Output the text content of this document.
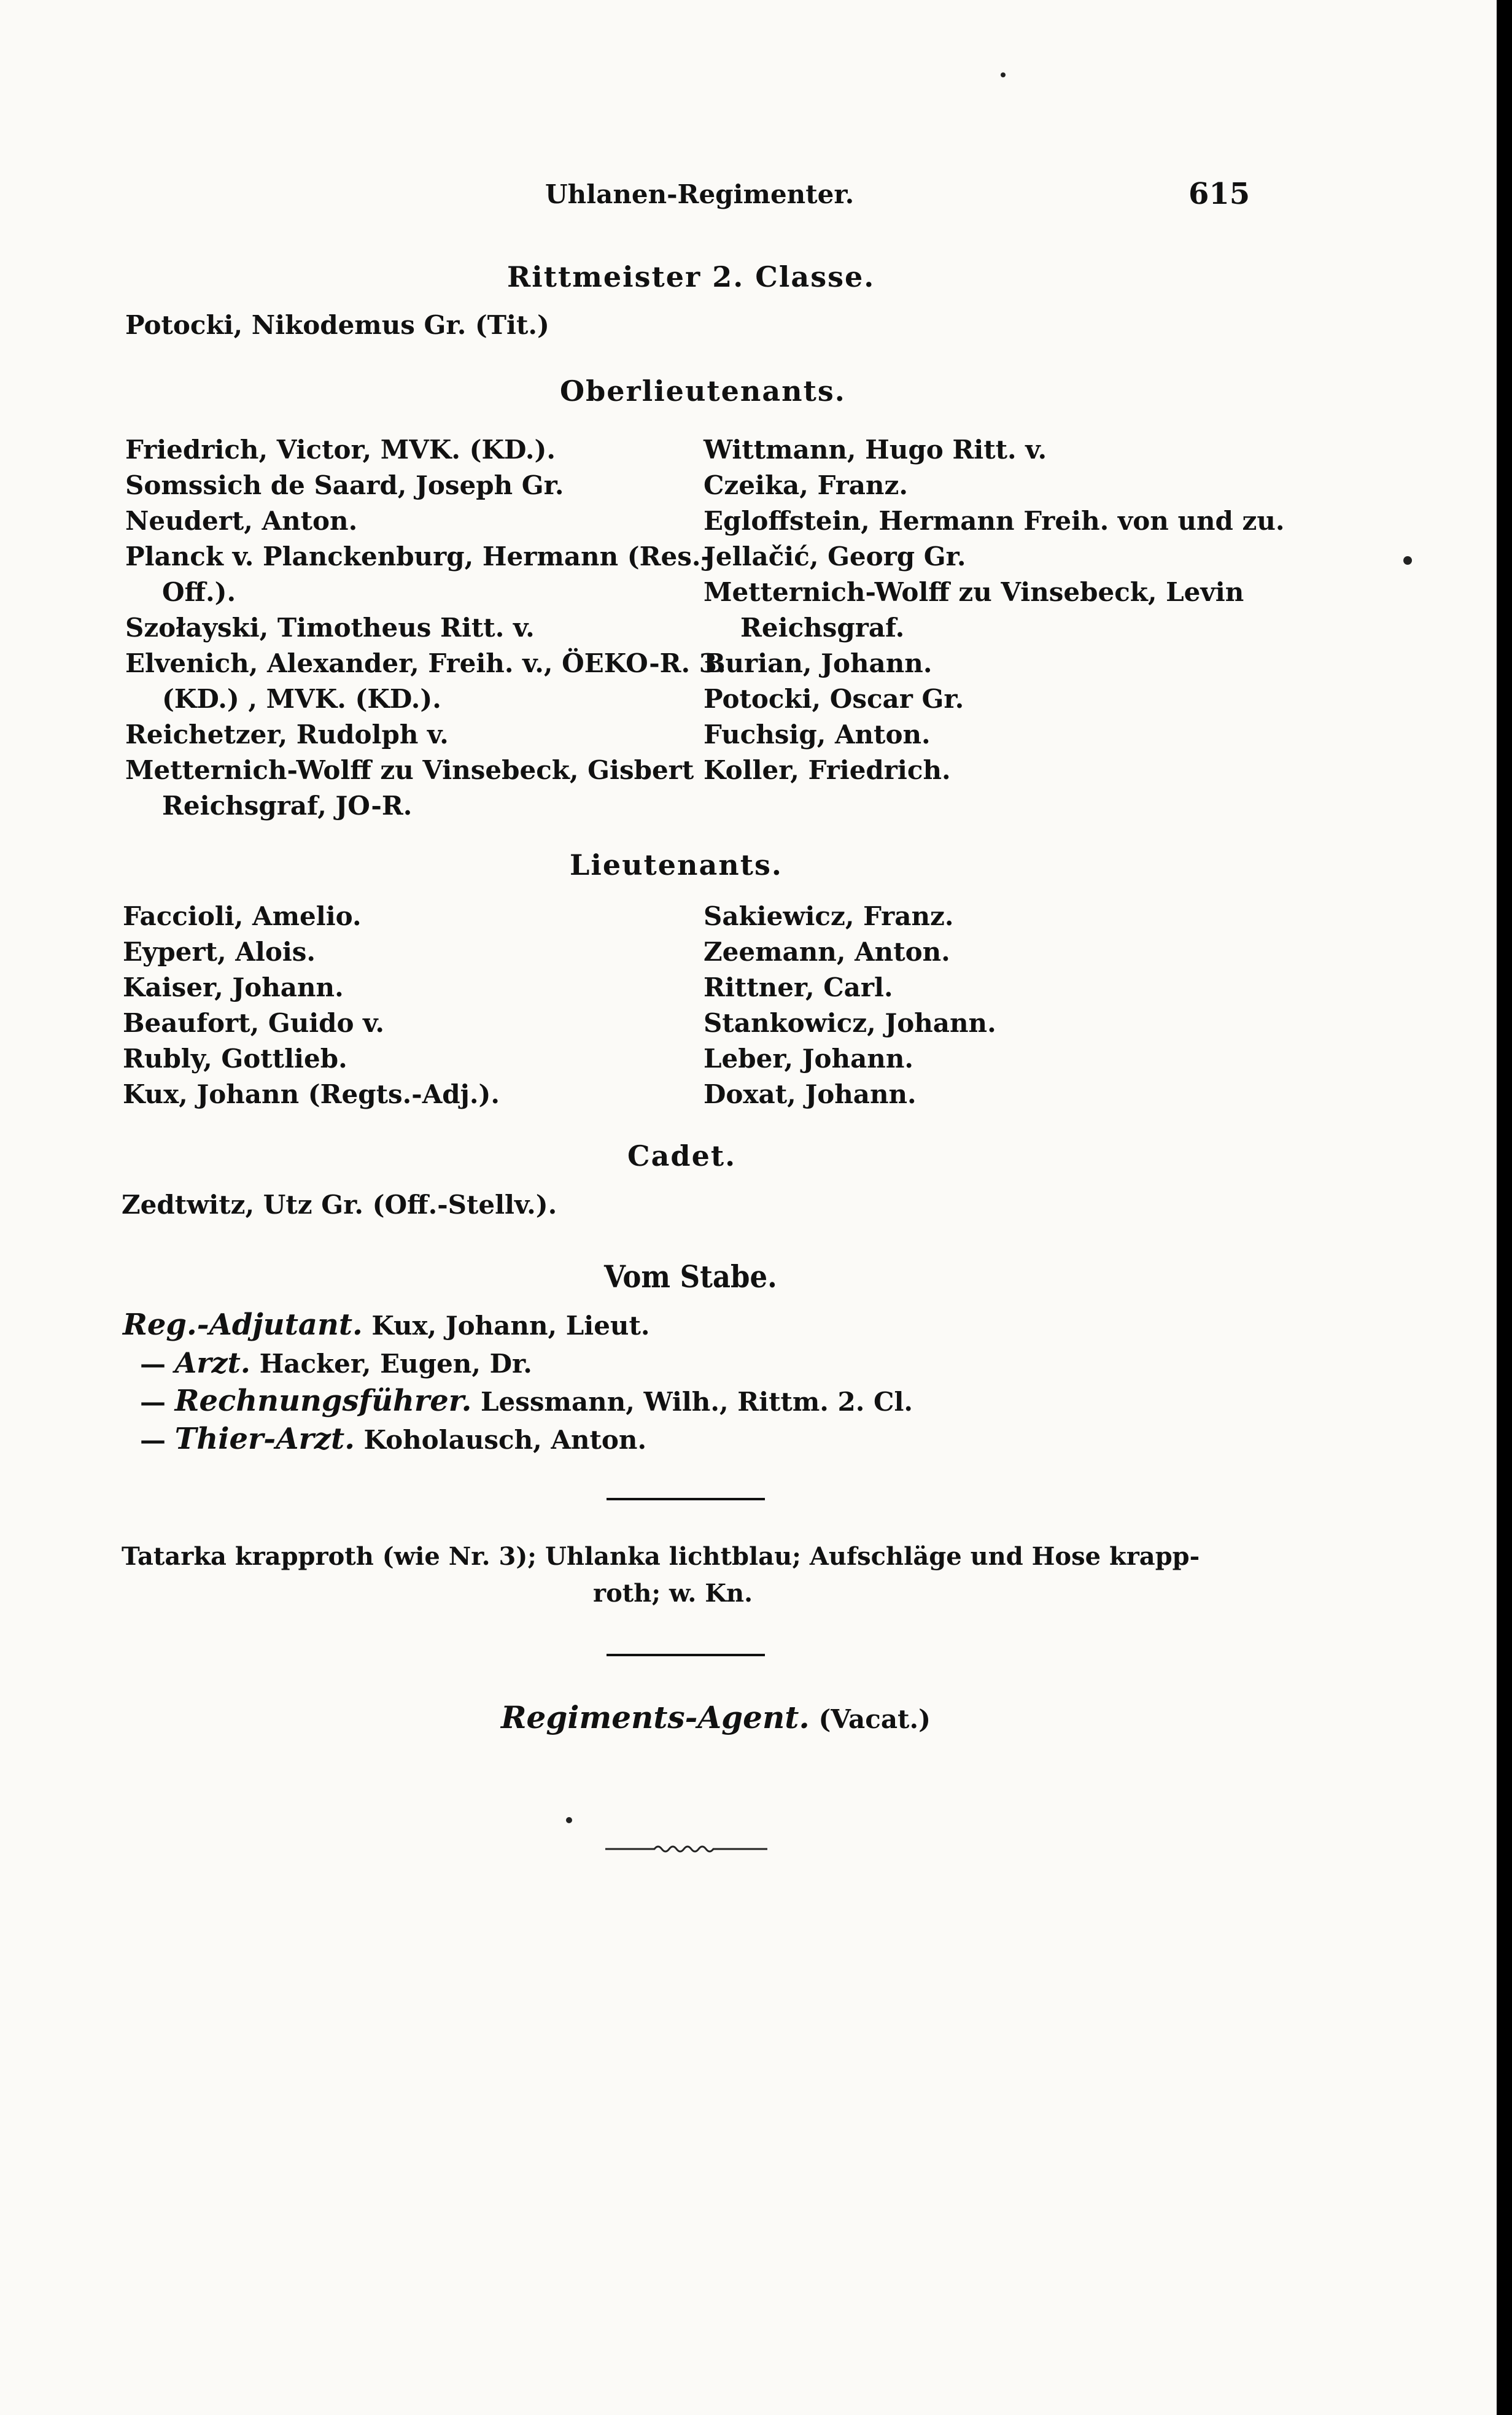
Uhlanen-Regimenter.	615
Rittmeister 2. Classe.
Potocki, Nikodemus Gr. (Tit.)
Oberlieutenants.
Friedrich, Victor, MVK. (KD.).
Somssich de Saard, Joseph Gr.
Neudert, Anton.
Planck v. Planckenburg, Hermann (Res.-
Off.).
Szołayski, Timotheus Ritt. v.
Elvenich, Alexander, Freih. v., ÖEKO-R. 3.
(KD.) , MVK. (KD.).
Reichetzer, Rudolph v.
Metternich-Wolff zu Vinsebeck, Gisbert
Reichsgraf, JO-R.
Wittmann, Hugo Ritt. v.
Czeika, Franz.
Egloffstein, Hermann Freih. von und zu.
Jellačić, Georg Gr.
Metternich-Wolff zu Vinsebeck, Levin
Reichsgraf.
Burian, Johann.
Potocki, Oscar Gr.
Fuchsig, Anton.
Koller, Friedrich.
Lieutenants.
Faccioli, Amelio.
Eypert, Alois.
Kaiser, Johann.
Beaufort, Guido v.
Rubly, Gottlieb.
Kux, Johann (Regts.-Adj.).
Sakiewicz, Franz.
Zeemann, Anton.
Rittner, Carl.
Stankowicz, Johann.
Leber, Johann.
Doxat, Johann.
Cadet.
Zedtwitz, Utz Gr. (Off.-Stellv.).
Vom Stabe.
Reg.-Adjutant. Kux, Johann, Lieut.
— Arzt. Hacker, Eugen, Dr.
— Rechnungsführer. Lessmann, Wilh., Rittm. 2. Cl.
— Thier-Arzt. Koholausch, Anton.
Tatarka krapproth (wie Nr. 3); Uhlanka lichtblau; Aufschläge und Hose krapp-
roth; w. Kn.
Regiments-Agent. (Vacat.)
